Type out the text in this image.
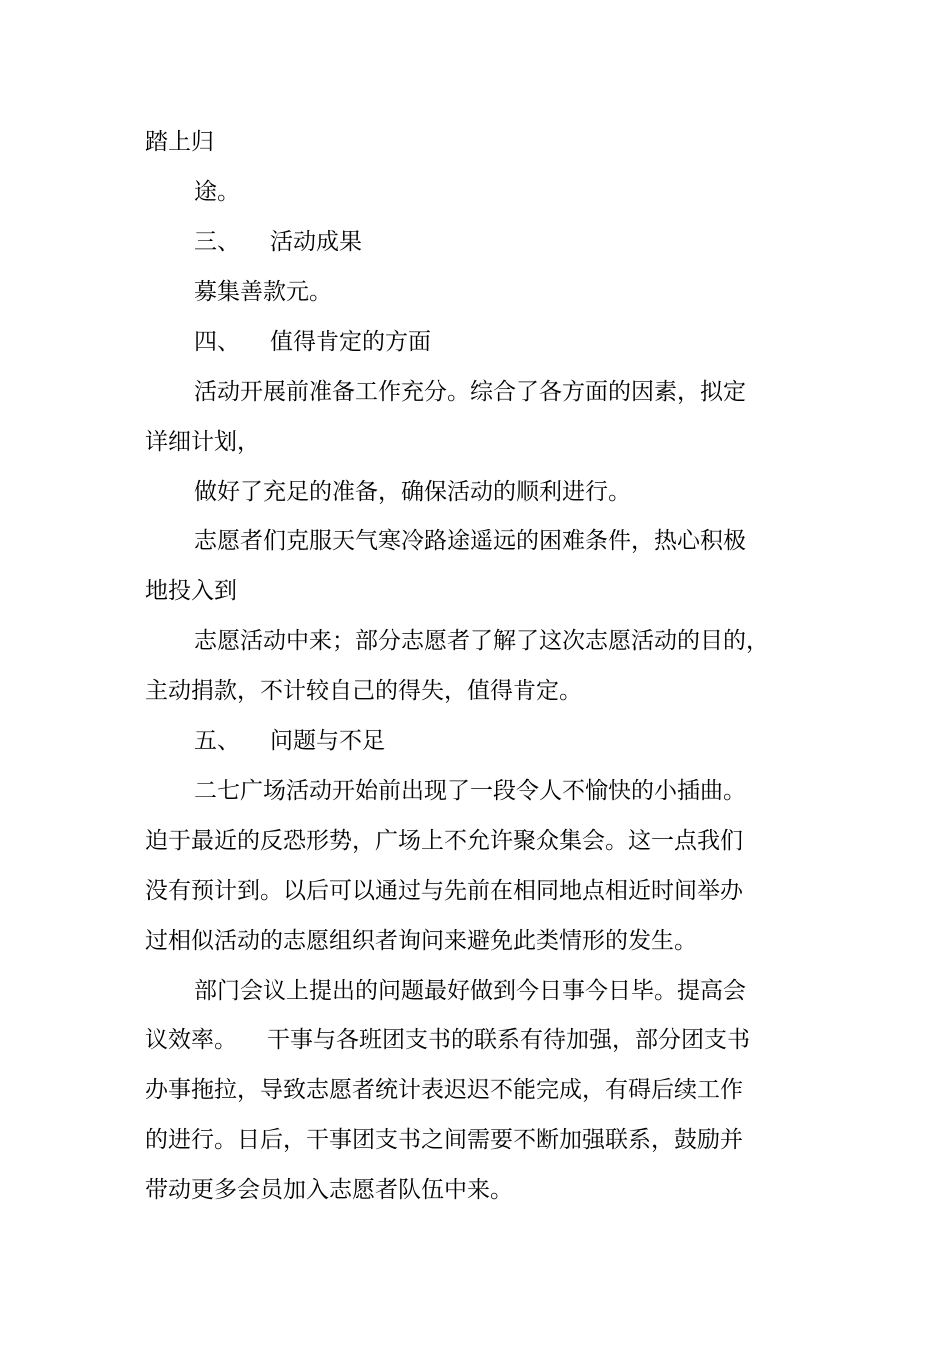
踏上归
途。
三、 活动成果
募集善款元。
四、 值得肯定的方面
活动开展前准备工作充分。综合了各方面的因素，拟定
详细计划，
做好了充足的准备，确保活动的顺利进行。
志愿者们克服天气寒冷路途遥远的困难条件，热心积极
地投入到
志愿活动中来；部分志愿者了解了这次志愿活动的目的，
主动捐款，不计较自己的得失，值得肯定。
五、 问题与不足
二七广场活动开始前出现了一段令人不愉快的小插曲。
迫于最近的反恐形势，广场上不允许聚众集会。这一点我们
没有预计到。以后可以通过与先前在相同地点相近时间举办
过相似活动的志愿组织者询问来避免此类情形的发生。
部门会议上提出的问题最好做到今日事今日毕。提高会
议效率。 干事与各班团支书的联系有待加强，部分团支书
办事拖拉，导致志愿者统计表迟迟不能完成，有碍后续工作
的进行。日后，干事团支书之间需要不断加强联系，鼓励并
带动更多会员加入志愿者队伍中来。
